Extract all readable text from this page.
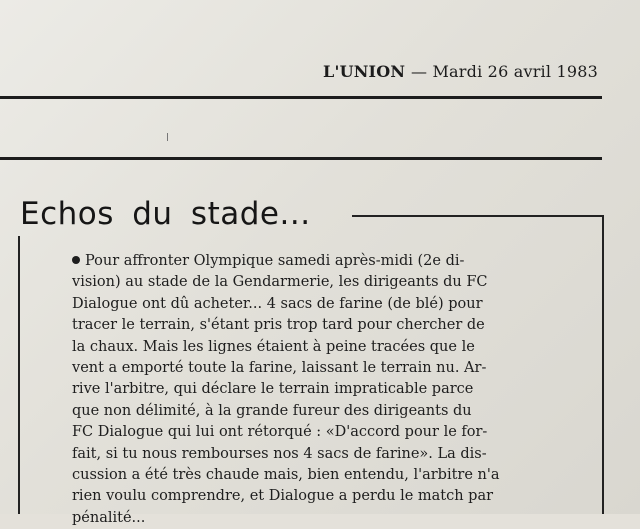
L'UNION — Mardi 26 avril 1983
Echos du stade...
Pour affronter Olympique samedi après-midi (2e di-
vision) au stade de la Gendarmerie, les dirigeants du FC
Dialogue ont dû acheter... 4 sacs de farine (de blé) pour
tracer le terrain, s'étant pris trop tard pour chercher de
la chaux. Mais les lignes étaient à peine tracées que le
vent a emporté toute la farine, laissant le terrain nu. Ar-
rive l'arbitre, qui déclare le terrain impraticable parce
que non délimité, à la grande fureur des dirigeants du
FC Dialogue qui lui ont rétorqué : «D'accord pour le for-
fait, si tu nous rembourses nos 4 sacs de farine». La dis-
cussion a été très chaude mais, bien entendu, l'arbitre n'a
rien voulu comprendre, et Dialogue a perdu le match par
pénalité...
